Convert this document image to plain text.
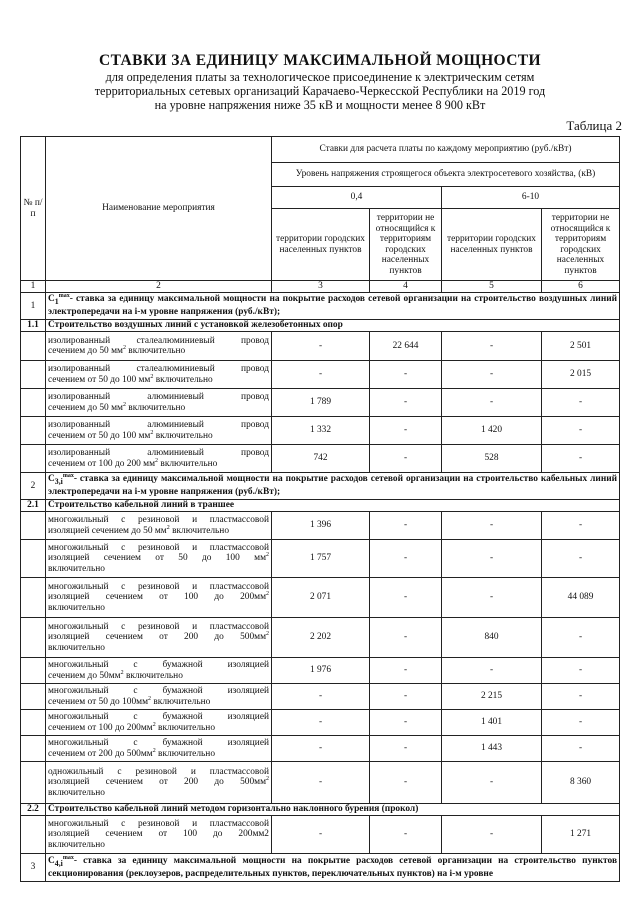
СТАВКИ ЗА ЕДИНИЦУ МАКСИМАЛЬНОЙ МОЩНОСТИ
для определения платы за технологическое присоединение к электрическим сетям
территориальных сетевых организаций Карачаево-Черкесской Республики на 2019 год
на уровне напряжения ниже 35 кВ и мощности менее 8 900 кВт
Таблица 2
№ п/п	Наименование мероприятия	Ставки для расчета платы по каждому мероприятию (руб./кВт)			
		Уровень напряжения строящегося объекта электросетевого хозяйства, (кВ)			
		0,4		6-10	
		территории городских населенных пунктов	территории не относящийся к территориям городских населенных пунктов	территории городских населенных пунктов	территории не относящийся к территориям городских населенных пунктов
1	2	3	4	5	6
1	$С_1^{max}-$ ставка за единицу максимальной мощности на покрытие расходов сетевой организации на строительство воздушных линий электропередачи на i-м уровне напряжения (руб./кВт);				
1.1	Строительство воздушных линий с установкой железобетонных опор				

	изолированный сталеалюминиевый провод
сечением до 50 $мм^2$ включительно	-	22 644	-	2 501

	изолированный сталеалюминиевый провод
сечением от 50 до 100 $мм^2$ включительно	-	-	-	2 015

	изолированный алюминиевый провод
сечением до 50 $мм^2$ включительно	1 789	-	-	-

	изолированный алюминиевый провод
сечением от 50 до 100 $мм^2$ включительно	1 332	-	1 420	-

	изолированный алюминиевый провод
сечением от 100 до 200 $мм^2$ включительно	742	-	528	-
2	$С_{3,i}^{max}-$ ставка за единицу максимальной мощности на покрытие расходов сетевой организации на строительство кабельных линий электропередачи на i-м уровне напряжения (руб./кВт);				
2.1	Строительство кабельной линий в траншее				

	многожильный с резиновой и пластмассовой
изоляцией сечением до 50 $мм^2$ включительно	1 396	-	-	-

	многожильный с резиновой и пластмассовой
изоляцией сечением от 50 до 100 $мм^2$
включительно	1 757	-	-	-

	многожильный с резиновой и пластмассовой
изоляцией сечением от 100 до $200мм^2$
включительно	2 071	-	-	44 089

	многожильный с резиновой и пластмассовой
изоляцией сечением от 200 до $500мм^2$
включительно	2 202	-	840	-

	многожильный с бумажной изоляцией
сечением до $50мм^2$ включительно	1 976	-	-	-

	многожильный с бумажной изоляцией
сечением от 50 до $100мм^2$ включительно	-	-	2 215	-

	многожильный с бумажной изоляцией
сечением от 100 до $200мм^2$ включительно	-	-	1 401	-

	многожильный с бумажной изоляцией
сечением от 200 до $500мм^2$ включительно	-	-	1 443	-

	одножильный с резиновой и пластмассовой
изоляцией сечением от 200 до $500мм^2$
включительно	-	-	-	8 360
2.2	Строительство кабельной линий методом горизонтально наклонного бурения (прокол)				

	многожильный с резиновой и пластмассовой
изоляцией сечением от 100 до 200мм2
включительно	-	-	-	1 271
3	$С_{4,i}^{max}-$ ставка за единицу максимальной мощности на покрытие расходов сетевой организации на строительство пунктов секционирования (реклоузеров, распределительных пунктов, переключательных пунктов) на i-м уровне				
